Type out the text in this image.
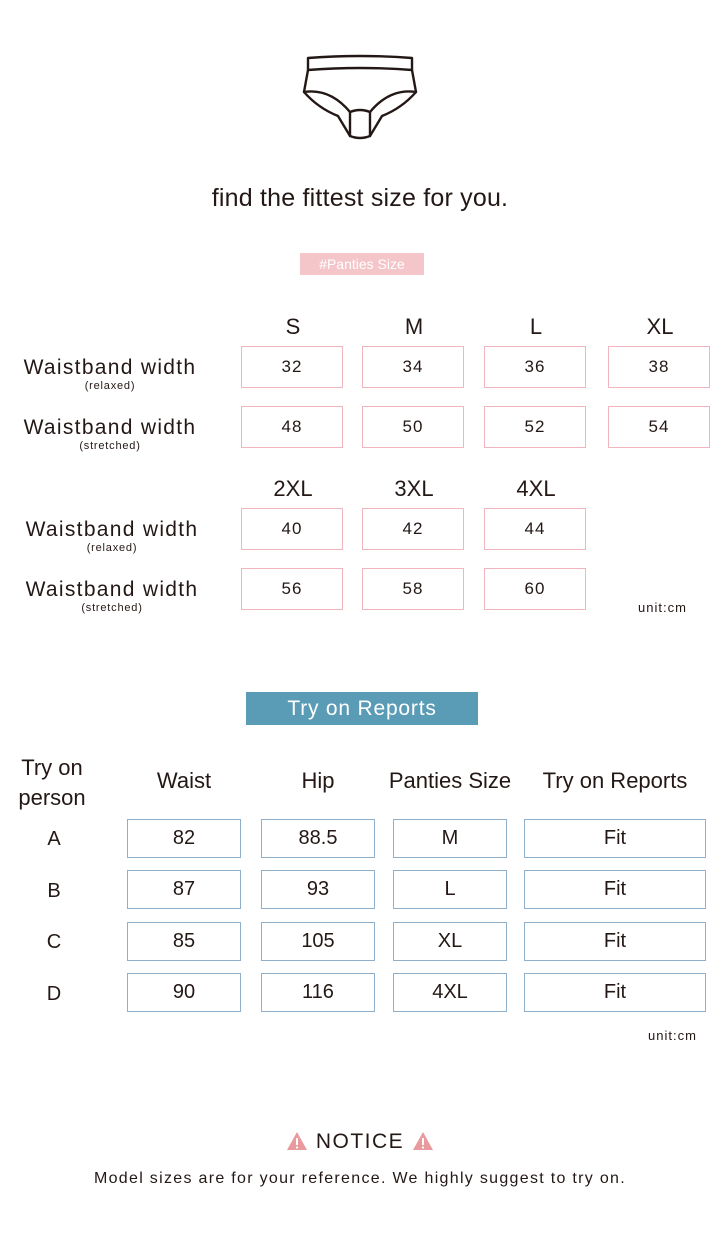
find the fittest size for you.
#Panties Size
S	M	L	XL
Waistband width
(relaxed)
32	34	36	38
Waistband width
(stretched)
48	50	52	54
2XL	3XL	4XL
Waistband width
(relaxed)
40	42	44
Waistband width
(stretched)
56	58	60
unit:cm
Try on Reports
Try on
person
Waist	Hip	Panties Size	Try on Reports
A	82	88.5	M	Fit
B	87	93	L	Fit
C	85	105	XL	Fit
D	90	116	4XL	Fit
unit:cm
NOTICE
Model sizes are for your reference. We highly suggest to try on.
